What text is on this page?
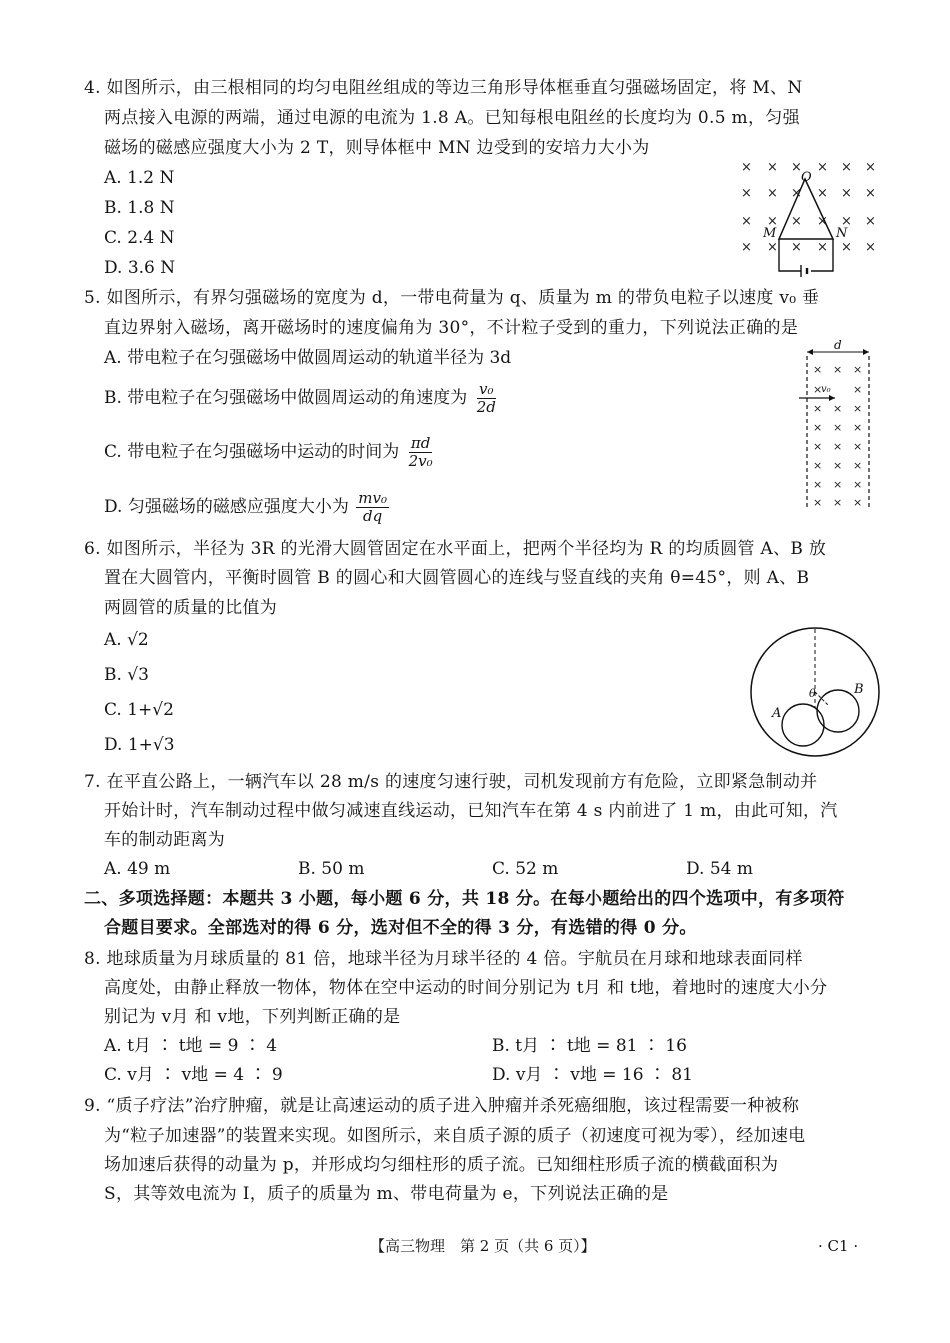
4. 如图所示，由三根相同的均匀电阻丝组成的等边三角形导体框垂直匀强磁场固定，将 M、N
两点接入电源的两端，通过电源的电流为 1.8 A。已知每根电阻丝的长度均为 0.5 m，匀强
磁场的磁感应强度大小为 2 T，则导体框中 MN 边受到的安培力大小为
A. 1.2 N
B. 1.8 N
C. 2.4 N
D. 3.6 N
× × × × × ×
× × × × × ×
× × × × × ×
× × × × × ×
O
M	N
5. 如图所示，有界匀强磁场的宽度为 d，一带电荷量为 q、质量为 m 的带负电粒子以速度 v₀ 垂
直边界射入磁场，离开磁场时的速度偏角为 30°，不计粒子受到的重力，下列说法正确的是
A. 带电粒子在匀强磁场中做圆周运动的轨道半径为 3d
B. 带电粒子在匀强磁场中做圆周运动的角速度为 $\frac{\text{v₀}}{2d}$
C. 带电粒子在匀强磁场中运动的时间为 $\frac{\pi d}{\text{2v₀}}$
D. 匀强磁场的磁感应强度大小为 $\frac{\text{mv₀}}{dq}$
d
× × ×
×	×
× × ×
× × ×
× × ×
× × ×
× × ×
× × ×
v₀
6. 如图所示，半径为 3R 的光滑大圆管固定在水平面上，把两个半径均为 R 的均质圆管 A、B 放
置在大圆管内，平衡时圆管 B 的圆心和大圆管圆心的连线与竖直线的夹角 θ=45°，则 A、B
两圆管的质量的比值为
A. √2
B. √3
C. 1+√2
D. 1+√3
θ
A
B
7. 在平直公路上，一辆汽车以 28 m/s 的速度匀速行驶，司机发现前方有危险，立即紧急制动并
开始计时，汽车制动过程中做匀减速直线运动，已知汽车在第 4 s 内前进了 1 m，由此可知，汽
车的制动距离为
A. 49 m	B. 50 m	C. 52 m	D. 54 m
二、多项选择题：本题共 3 小题，每小题 6 分，共 18 分。在每小题给出的四个选项中，有多项符
合题目要求。全部选对的得 6 分，选对但不全的得 3 分，有选错的得 0 分。
8. 地球质量为月球质量的 81 倍，地球半径为月球半径的 4 倍。宇航员在月球和地球表面同样
高度处，由静止释放一物体，物体在空中运动的时间分别记为 t月 和 t地，着地时的速度大小分
别记为 v月 和 v地，下列判断正确的是
A. t月 ∶ t地 = 9 ∶ 4	B. t月 ∶ t地 = 81 ∶ 16
C. v月 ∶ v地 = 4 ∶ 9	D. v月 ∶ v地 = 16 ∶ 81
9. “质子疗法”治疗肿瘤，就是让高速运动的质子进入肿瘤并杀死癌细胞，该过程需要一种被称
为“粒子加速器”的装置来实现。如图所示，来自质子源的质子（初速度可视为零），经加速电
场加速后获得的动量为 p，并形成均匀细柱形的质子流。已知细柱形质子流的横截面积为
S，其等效电流为 I，质子的质量为 m、带电荷量为 e，下列说法正确的是
【高三物理　第 2 页（共 6 页）】	· C1 ·
